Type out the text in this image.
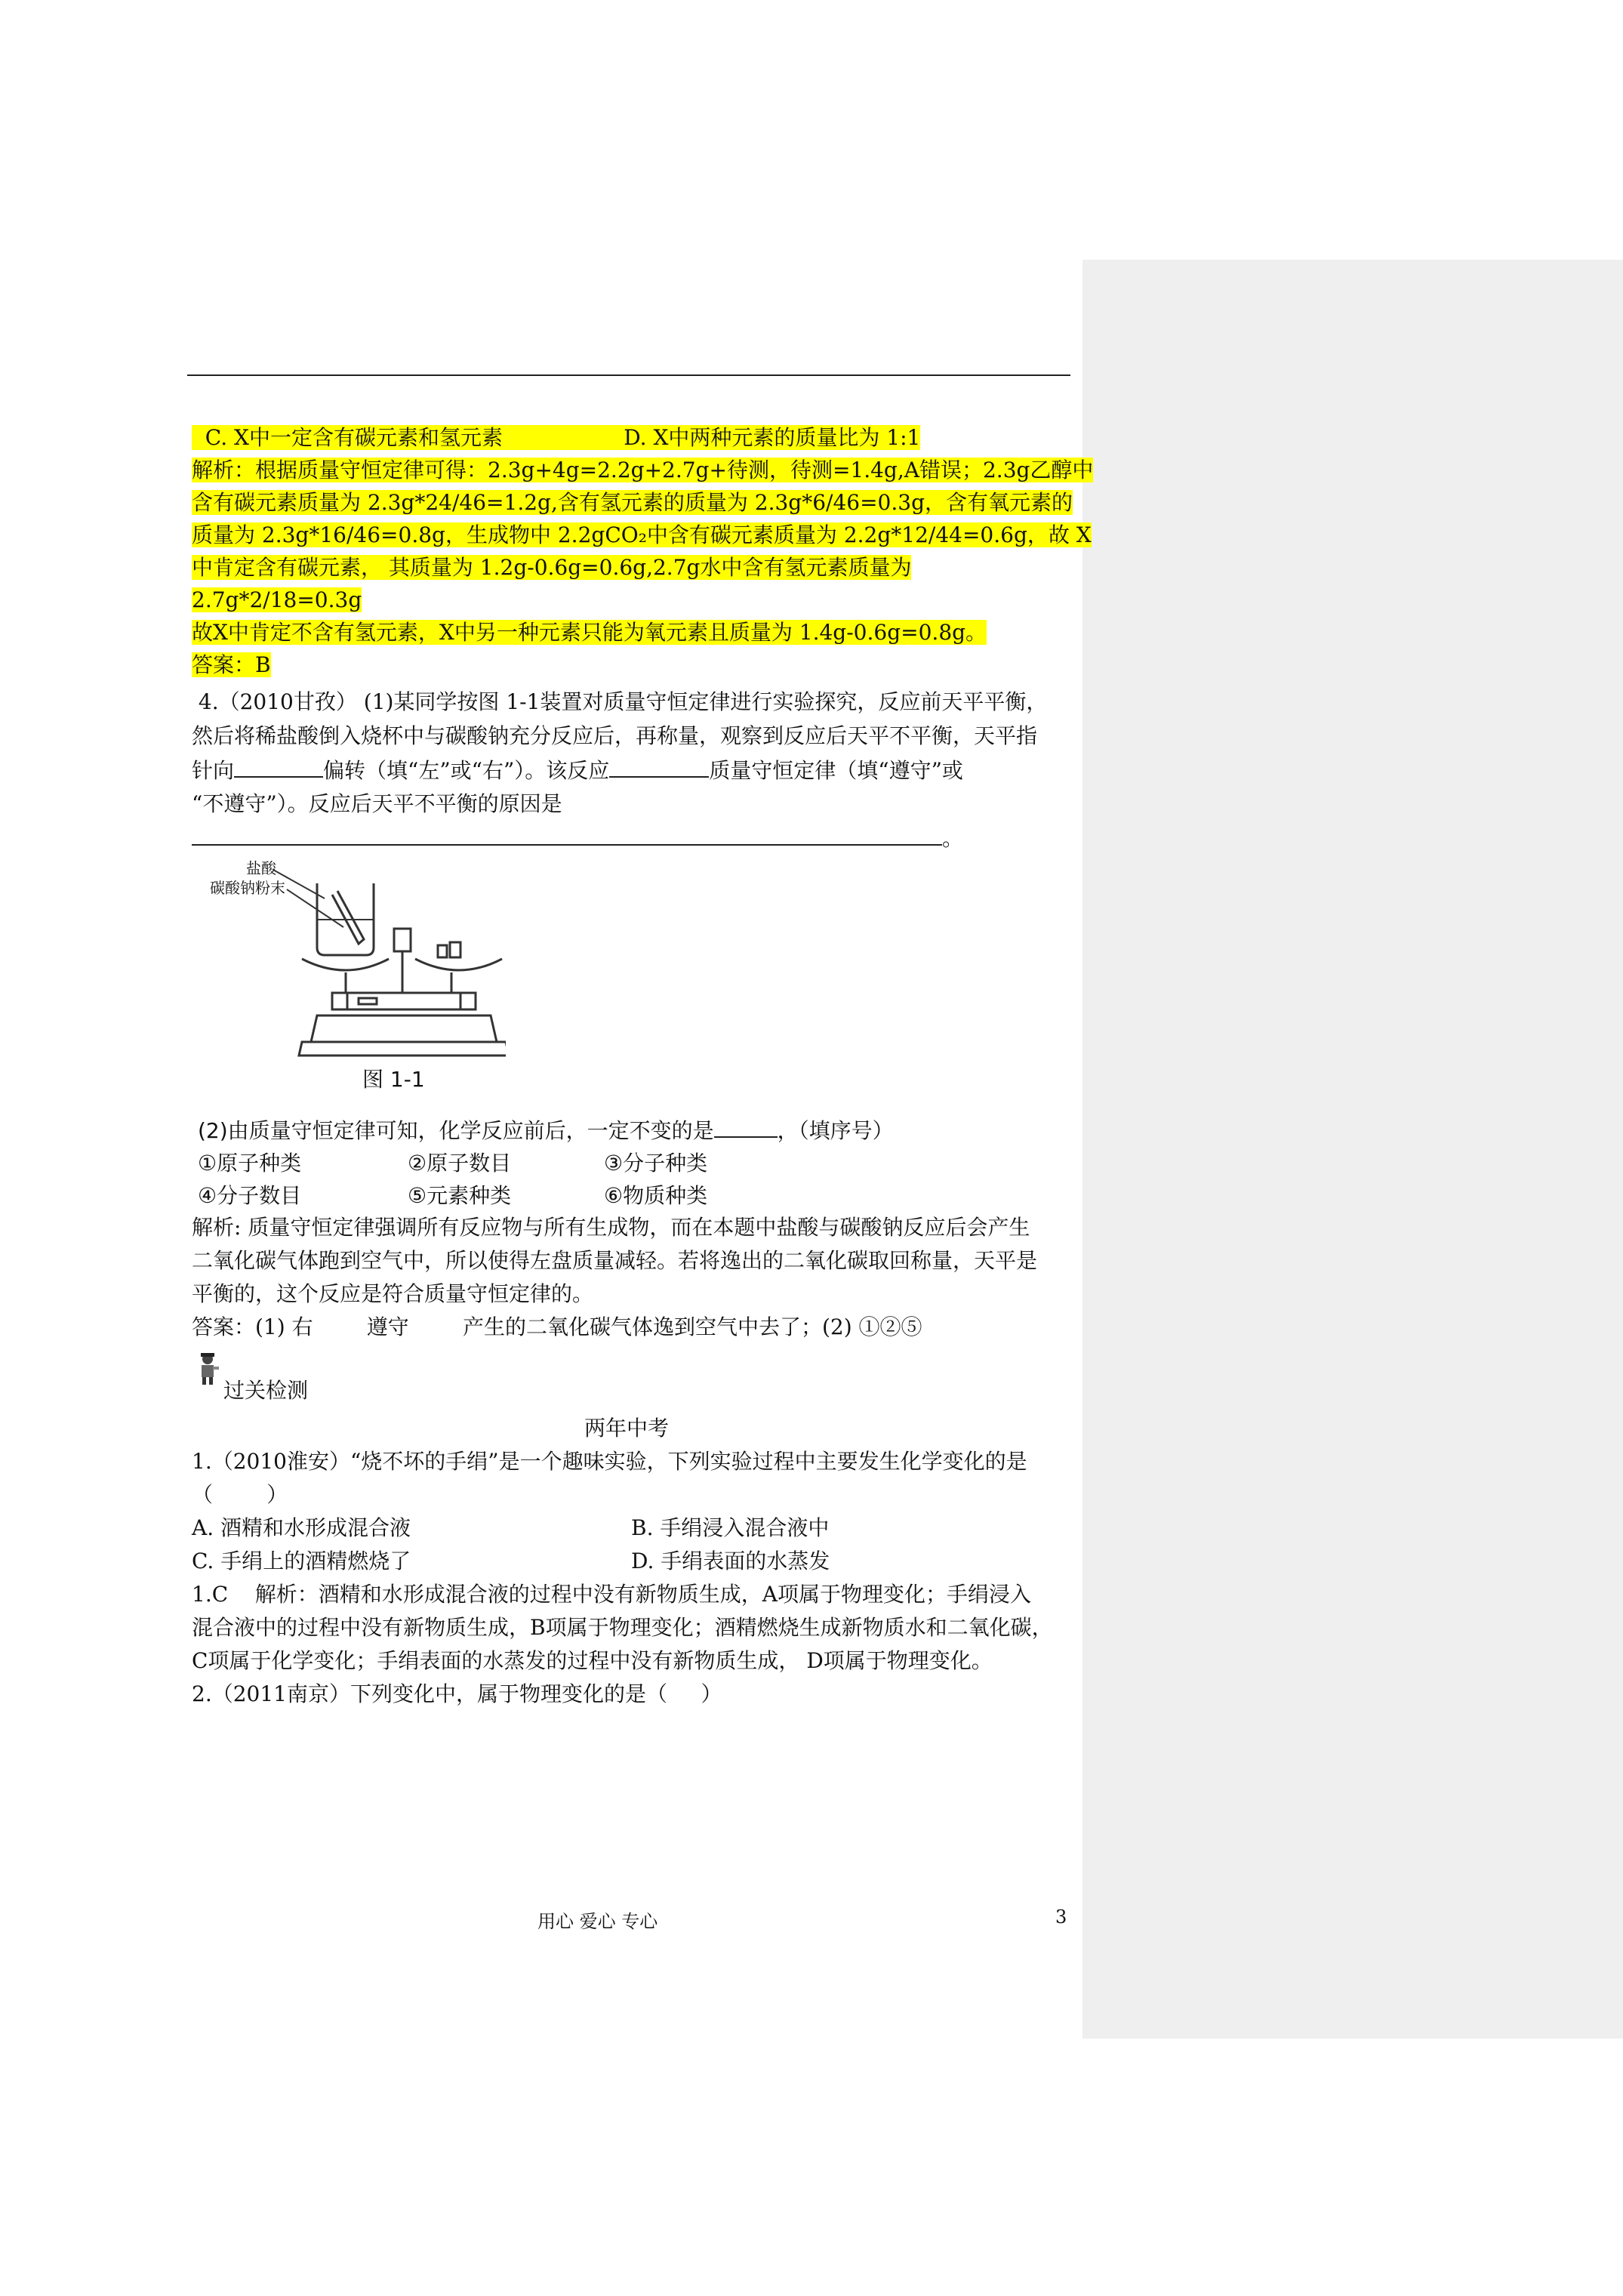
C. X中一定含有碳元素和氢元素	D. X中两种元素的质量比为 1:1
解析：根据质量守恒定律可得：2.3g+4g=2.2g+2.7g+待测，待测=1.4g,A错误；2.3g乙醇中
含有碳元素质量为 2.3g*24/46=1.2g,含有氢元素的质量为 2.3g*6/46=0.3g，含有氧元素的
质量为 2.3g*16/46=0.8g，生成物中 2.2gCO₂中含有碳元素质量为 2.2g*12/44=0.6g，故 X
中肯定含有碳元素， 其质量为 1.2g-0.6g=0.6g,2.7g水中含有氢元素质量为
2.7g*2/18=0.3g
故X中肯定不含有氢元素，X中另一种元素只能为氧元素且质量为 1.4g-0.6g=0.8g。
答案：B
4.（2010甘孜） (1)某同学按图 1-1装置对质量守恒定律进行实验探究，反应前天平平衡，
然后将稀盐酸倒入烧杯中与碳酸钠充分反应后，再称量，观察到反应后天平不平衡，天平指
针向	偏转（填“左”或“右”）。该反应	质量守恒定律（填“遵守”或
“不遵守”）。反应后天平不平衡的原因是
。
盐酸
碳酸钠粉末
图 1-1
(2)由质量守恒定律可知，化学反应前后，一定不变的是	，（填序号）
①原子种类	②原子数目	③分子种类
④分子数目	⑤元素种类	⑥物质种类
解析: 质量守恒定律强调所有反应物与所有生成物，而在本题中盐酸与碳酸钠反应后会产生
二氧化碳气体跑到空气中，所以使得左盘质量减轻。若将逸出的二氧化碳取回称量，天平是
平衡的，这个反应是符合质量守恒定律的。
答案：(1) 右        遵守        产生的二氧化碳气体逸到空气中去了；(2) ①②⑤
过关检测
两年中考
1.（2010淮安）“烧不坏的手绢”是一个趣味实验，下列实验过程中主要发生化学变化的是
（        ）
A. 酒精和水形成混合液	B. 手绢浸入混合液中
C. 手绢上的酒精燃烧了	D. 手绢表面的水蒸发
1.C    解析：酒精和水形成混合液的过程中没有新物质生成，A项属于物理变化；手绢浸入
混合液中的过程中没有新物质生成，B项属于物理变化；酒精燃烧生成新物质水和二氧化碳，
C项属于化学变化；手绢表面的水蒸发的过程中没有新物质生成， D项属于物理变化。
2.（2011南京）下列变化中，属于物理变化的是（     ）
用心 爱心 专心	3
